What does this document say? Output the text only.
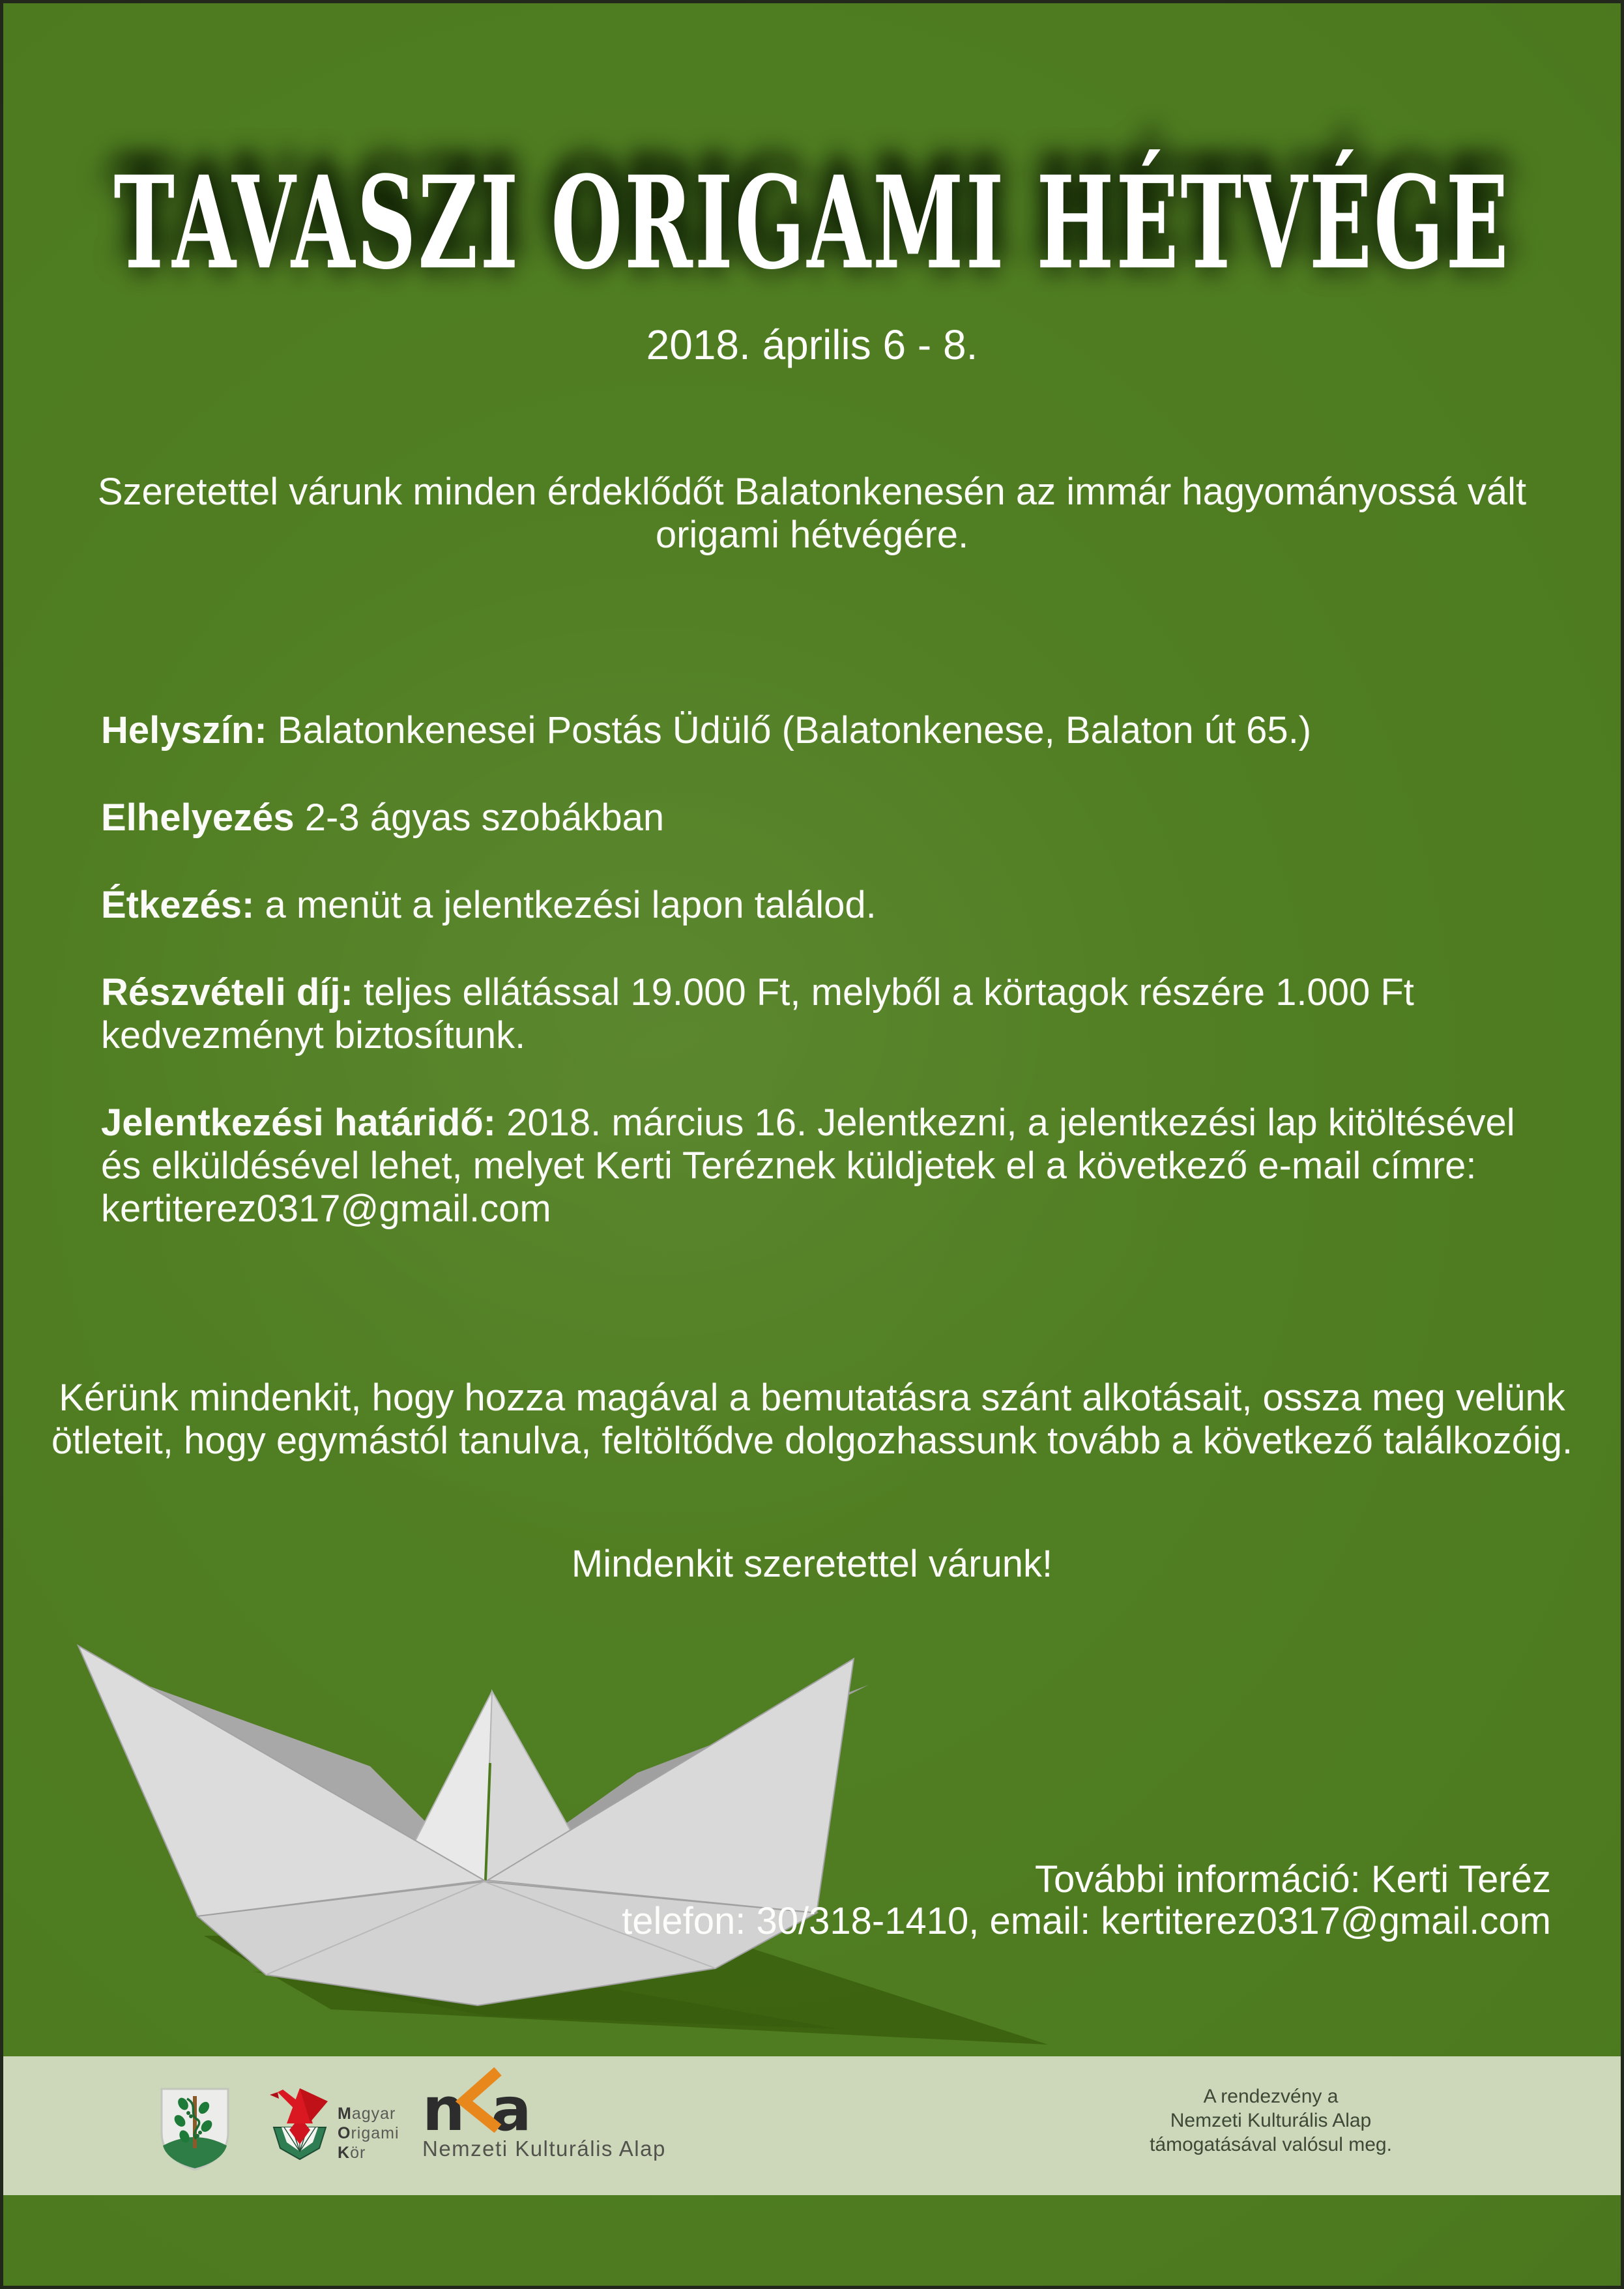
TAVASZI ORIGAMI HÉTVÉGE
2018. április 6 - 8.
Szeretettel várunk minden érdeklődőt Balatonkenesén az immár hagyományossá vált origami hétvégére.

Helyszín: Balatonkenesei Postás Üdülő (Balatonkenese, Balaton út 65.)

Elhelyezés 2-3 ágyas szobákban

Étkezés: a menüt a jelentkezési lapon találod.

Részvételi díj: teljes ellátással 19.000 Ft, melyből a körtagok részére 1.000 Ft kedvezményt biztosítunk.

Jelentkezési határidő: 2018. március 16. Jelentkezni, a jelentkezési lap kitöltésével és elküldésével lehet, melyet Kerti Teréznek küldjetek el a következő e-mail címre: kertiterez0317@gmail.com

Kérünk mindenkit, hogy hozza magával a bemutatásra szánt alkotásait, ossza meg velünk ötleteit, hogy egymástól tanulva, feltöltődve dolgozhassunk tovább a következő találkozóig.
Mindenkit szeretettel várunk!
További információ: Kerti Teréz
telefon: 30/318-1410, email: kertiterez0317@gmail.com
Magyar
Origami
Kör
n a
Nemzeti Kulturális Alap
A rendezvény a
Nemzeti Kulturális Alap
támogatásával valósul meg.
